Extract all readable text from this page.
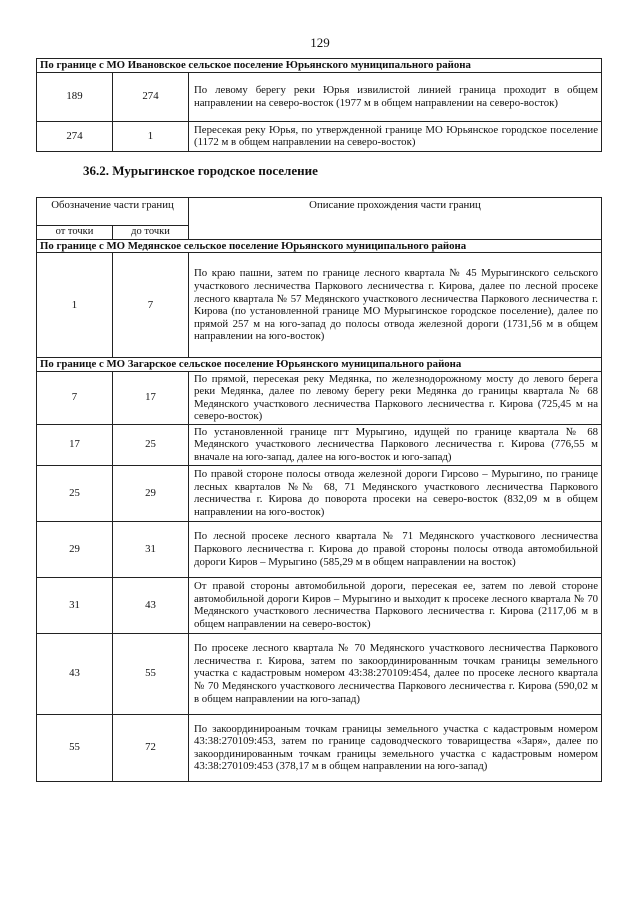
129
По границе с МО Ивановское сельское поселение Юрьянского муниципального района		
189	274	По левому берегу реки Юрья извилистой линией граница проходит в общем направлении на северо-восток (1977 м в общем направлении на северо-восток)
274	1	Пересекая реку Юрья, по утвержденной границе МО Юрьянское городское поселение (1172 м в общем направлении на северо-восток)
36.2. Мурыгинское городское поселение
Обозначение части границ		Описание прохождения части границ
от точки	до точки	
По границе с МО Медянское сельское поселение Юрьянского муниципального района		
1	7	По краю пашни, затем по границе лесного квартала № 45 Мурыгинского сельского участкового лесничества Паркового лесничества г. Кирова, далее по лесной просеке лесного квартала № 57 Медянского участкового лесничества Паркового лесничества г. Кирова (по установленной границе МО Мурыгинское городское поселение), далее по прямой 257 м на юго-запад до полосы отвода железной дороги (1731,56 м в общем направлении на юго-восток)
По границе с МО Загарское сельское поселение Юрьянского муниципального района		
7	17	По прямой, пересекая реку Медянка, по железнодорожному мосту до левого берега реки Медянка, далее по левому берегу реки Медянка до границы квартала № 68 Медянского участкового лесничества Паркового лесничества г. Кирова (725,45 м на северо-восток)
17	25	По установленной границе пгт Мурыгино, идущей по границе квартала № 68 Медянского участкового лесничества Паркового лесничества г. Кирова (776,55 м вначале на юго-запад, далее на юго-восток и юго-запад)
25	29	По правой стороне полосы отвода железной дороги Гирсово – Мурыгино, по границе лесных кварталов №№ 68, 71 Медянского участкового лесничества Паркового лесничества г. Кирова до поворота просеки на северо-восток (832,09 м в общем направлении на юго-восток)
29	31	По лесной просеке лесного квартала № 71 Медянского участкового лесничества Паркового лесничества г. Кирова до правой стороны полосы отвода автомобильной дороги Киров – Мурыгино (585,29 м в общем направлении на восток)
31	43	От правой стороны автомобильной дороги, пересекая ее, затем по левой стороне автомобильной дороги Киров – Мурыгино и выходит к просеке лесного квартала № 70 Медянского участкового лесничества Паркового лесничества г. Кирова (2117,06 м в общем направлении на северо-восток)
43	55	По просеке лесного квартала № 70 Медянского участкового лесничества Паркового лесничества г. Кирова, затем по закоординированным точкам границы земельного участка с кадастровым номером 43:38:270109:454, далее по просеке лесного квартала № 70 Медянского участкового лесничества Паркового лесничества г. Кирова (590,02 м в общем направлении на юго-запад)
55	72	По закоординироаным точкам границы земельного участка с кадастровым номером 43:38:270109:453, затем по границе садоводческого товарищества «Заря», далее по закоординированным точкам границы земельного участка с кадастровым номером 43:38:270109:453 (378,17 м в общем направлении на юго-запад)
